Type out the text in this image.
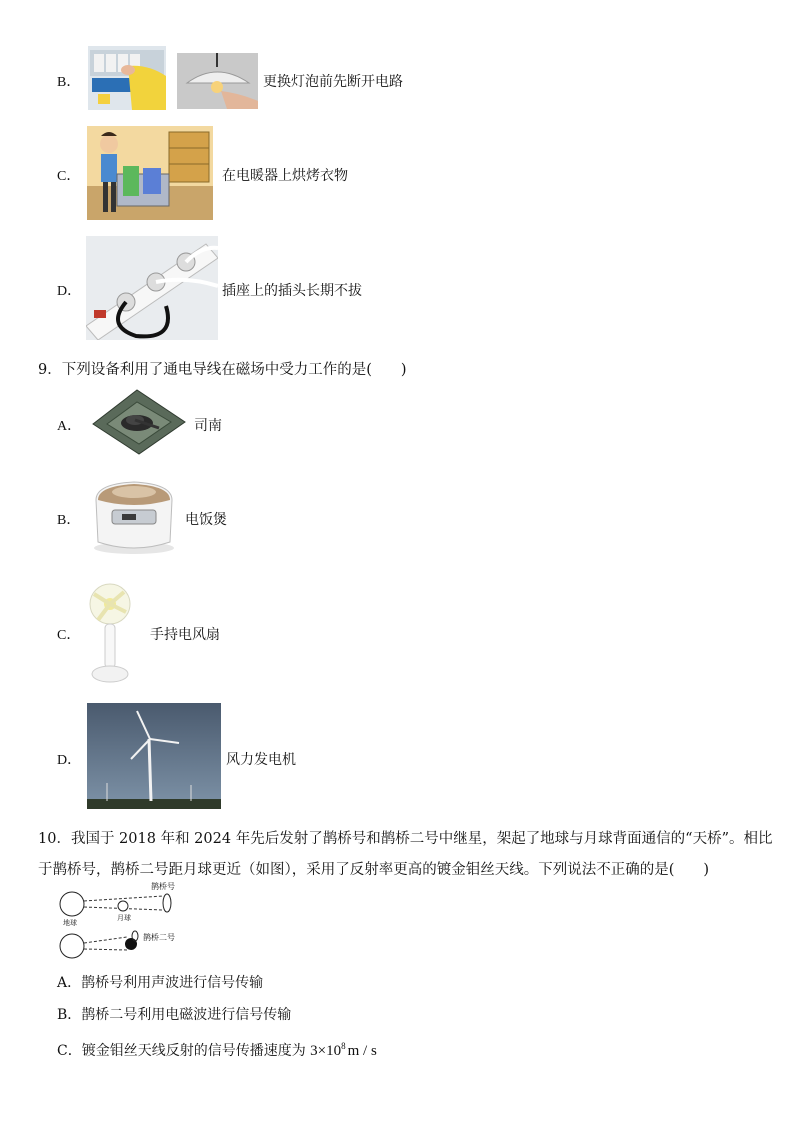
B．	更换灯泡前先断开电路
C．	在电暖器上烘烤衣物
D．	插座上的插头长期不拔
9．下列设备利用了通电导线在磁场中受力工作的是(　　)
A．	司南
B．	电饭煲
C．	手持电风扇
D．	风力发电机
10．我国于 2018 年和 2024 年先后发射了鹊桥号和鹊桥二号中继星，架起了地球与月球背面通信的“天桥”。相比
于鹊桥号，鹊桥二号距月球更近（如图），采用了反射率更高的镀金钼丝天线。下列说法不正确的是(　　)
鹊桥号
月球
地球
鹊桥二号
A．鹊桥号利用声波进行信号传输
B．鹊桥二号利用电磁波进行信号传输
C．镀金钼丝天线反射的信号传播速度为 $3\times 10^8$ m / s
